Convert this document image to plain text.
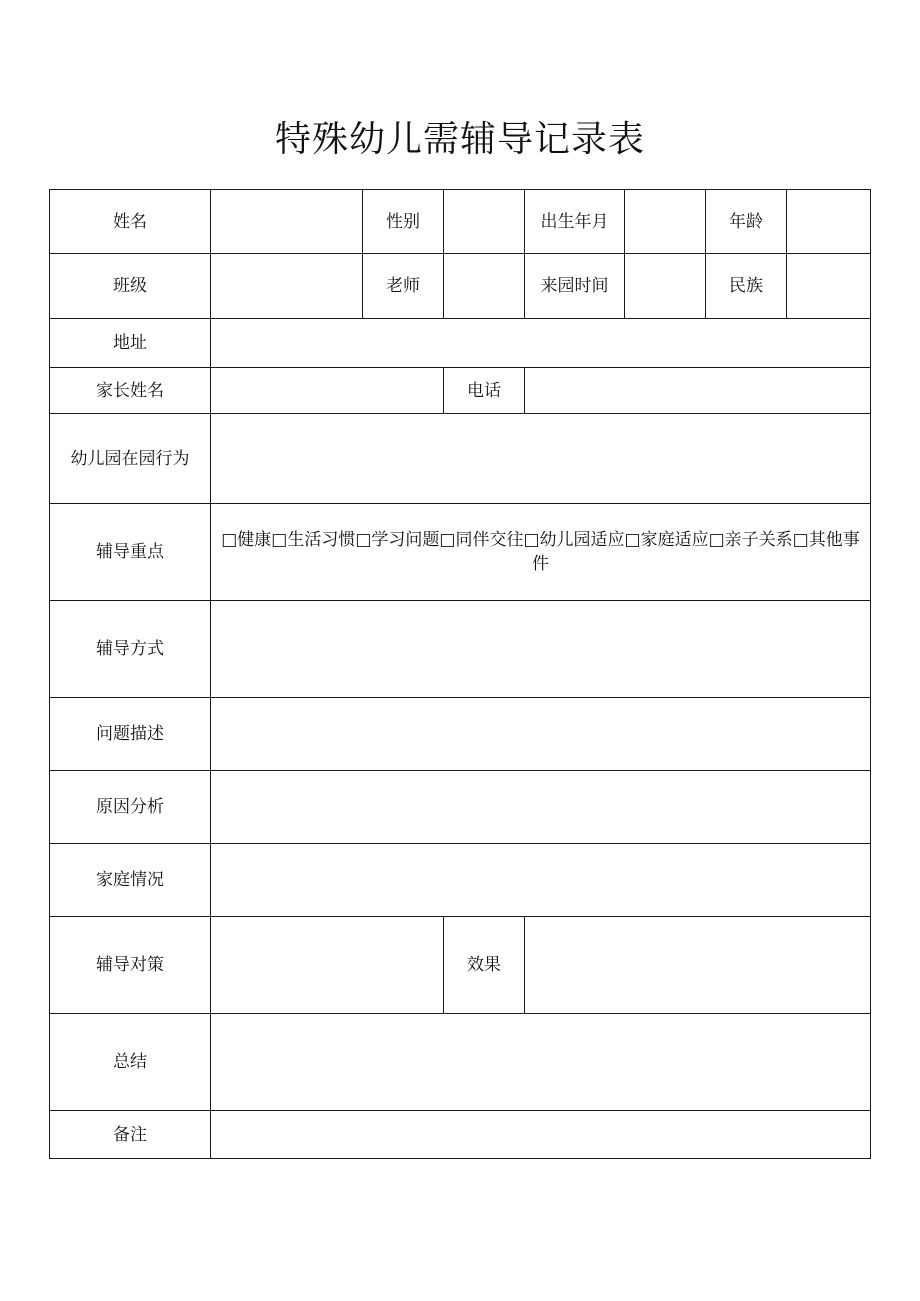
特殊幼儿需辅导记录表
姓名		性别		出生年月		年龄	
班级		老师		来园时间		民族	
地址							
家长姓名			电话				
幼儿园在园行为							
辅导重点	□健康□生活习惯□学习问题□同伴交往□幼儿园适应□家庭适应□亲子关系□其他事件						

辅导方式							
问题描述							
原因分析							
家庭情况							
辅导对策			效果				
总结							
备注							
